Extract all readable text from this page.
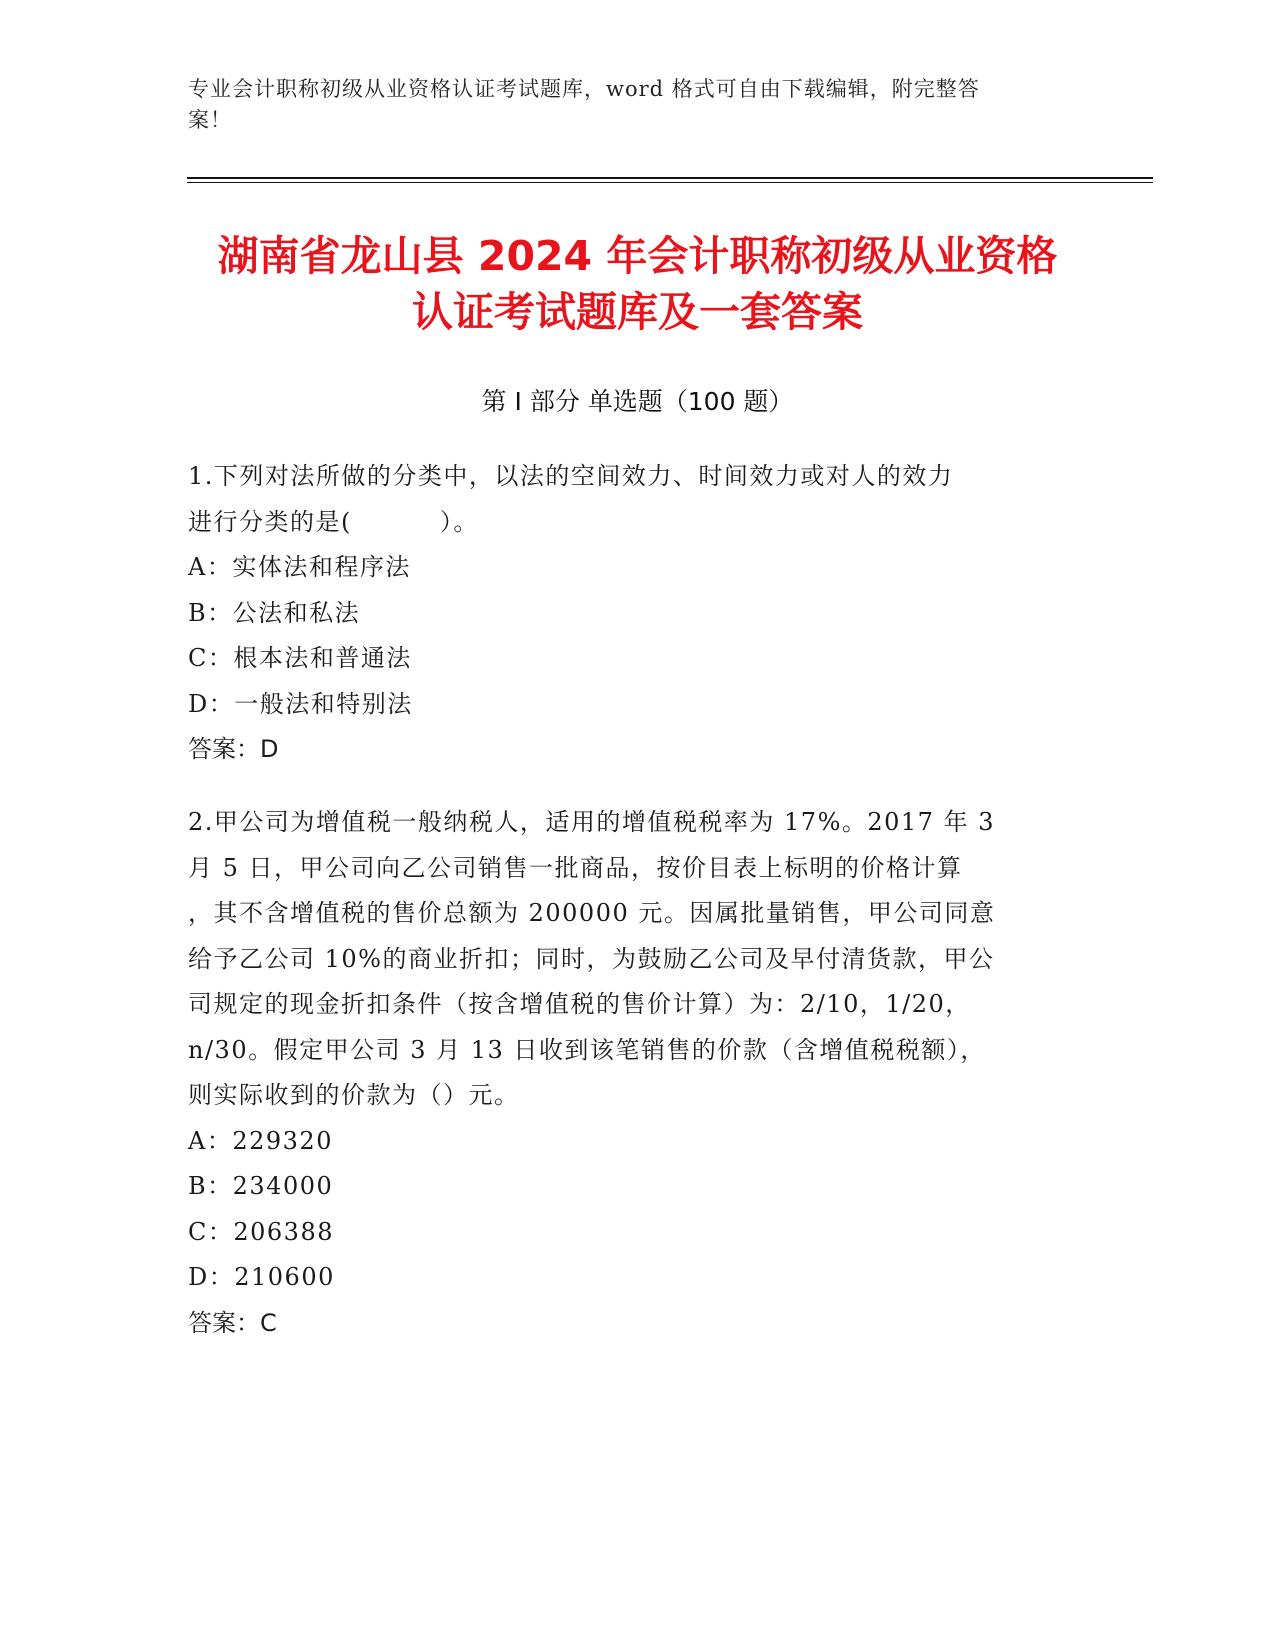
专业会计职称初级从业资格认证考试题库，word 格式可自由下载编辑，附完整答
案！
湖南省龙山县 2024 年会计职称初级从业资格
认证考试题库及一套答案
第 I 部分 单选题（100 题）

1.下列对法所做的分类中，以法的空间效力、时间效力或对人的效力

进行分类的是(	）。

A： 实体法和程序法

B： 公法和私法

C： 根本法和普通法

D： 一般法和特别法

答案：D

2.甲公司为增值税一般纳税人，适用的增值税税率为 17%。2017 年 3

月 5 日，甲公司向乙公司销售一批商品，按价目表上标明的价格计算

，其不含增值税的售价总额为 200000 元。因属批量销售，甲公司同意

给予乙公司 10%的商业折扣；同时，为鼓励乙公司及早付清货款，甲公

司规定的现金折扣条件（按含增值税的售价计算）为：2/10，1/20，

n/30。假定甲公司 3 月 13 日收到该笔销售的价款（含增值税税额），

则实际收到的价款为（）元。

A： 229320

B： 234000

C： 206388

D： 210600

答案：C
